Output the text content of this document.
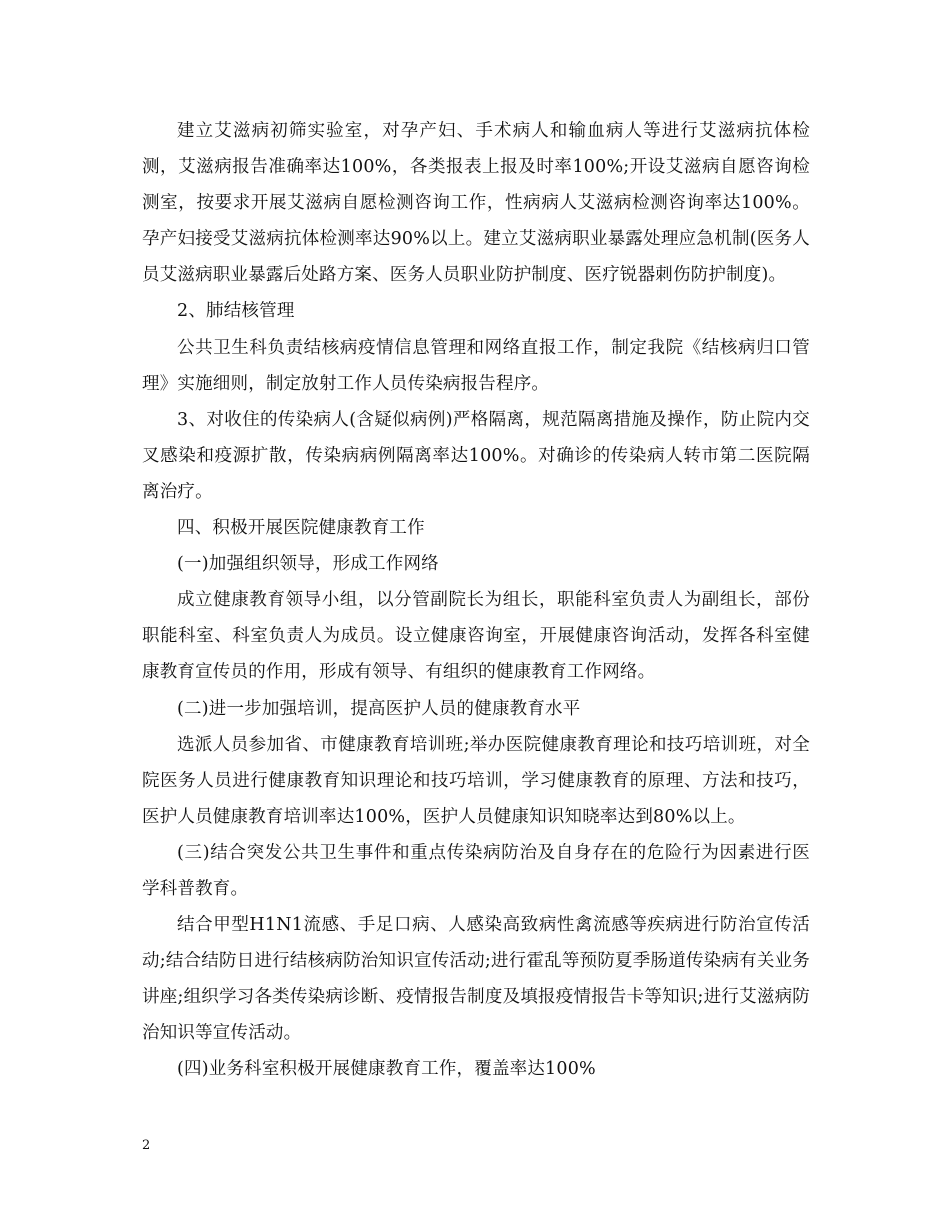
建立艾滋病初筛实验室，对孕产妇、手术病人和输血病人等进行艾滋病抗体检测，艾滋病报告准确率达100%，各类报表上报及时率100%;开设艾滋病自愿咨询检测室，按要求开展艾滋病自愿检测咨询工作，性病病人艾滋病检测咨询率达100%。孕产妇接受艾滋病抗体检测率达90%以上。建立艾滋病职业暴露处理应急机制(医务人员艾滋病职业暴露后处路方案、医务人员职业防护制度、医疗锐器刺伤防护制度)。

2、肺结核管理

公共卫生科负责结核病疫情信息管理和网络直报工作，制定我院《结核病归口管理》实施细则，制定放射工作人员传染病报告程序。

3、对收住的传染病人(含疑似病例)严格隔离，规范隔离措施及操作，防止院内交叉感染和疫源扩散，传染病病例隔离率达100%。对确诊的传染病人转市第二医院隔离治疗。

四、积极开展医院健康教育工作

(一)加强组织领导，形成工作网络

成立健康教育领导小组，以分管副院长为组长，职能科室负责人为副组长，部份职能科室、科室负责人为成员。设立健康咨询室，开展健康咨询活动，发挥各科室健康教育宣传员的作用，形成有领导、有组织的健康教育工作网络。

(二)进一步加强培训，提高医护人员的健康教育水平

选派人员参加省、市健康教育培训班;举办医院健康教育理论和技巧培训班，对全院医务人员进行健康教育知识理论和技巧培训，学习健康教育的原理、方法和技巧，医护人员健康教育培训率达100%，医护人员健康知识知晓率达到80%以上。

(三)结合突发公共卫生事件和重点传染病防治及自身存在的危险行为因素进行医学科普教育。

结合甲型H1N1流感、手足口病、人感染高致病性禽流感等疾病进行防治宣传活动;结合结防日进行结核病防治知识宣传活动;进行霍乱等预防夏季肠道传染病有关业务讲座;组织学习各类传染病诊断、疫情报告制度及填报疫情报告卡等知识;进行艾滋病防治知识等宣传活动。

(四)业务科室积极开展健康教育工作，覆盖率达100%

2
